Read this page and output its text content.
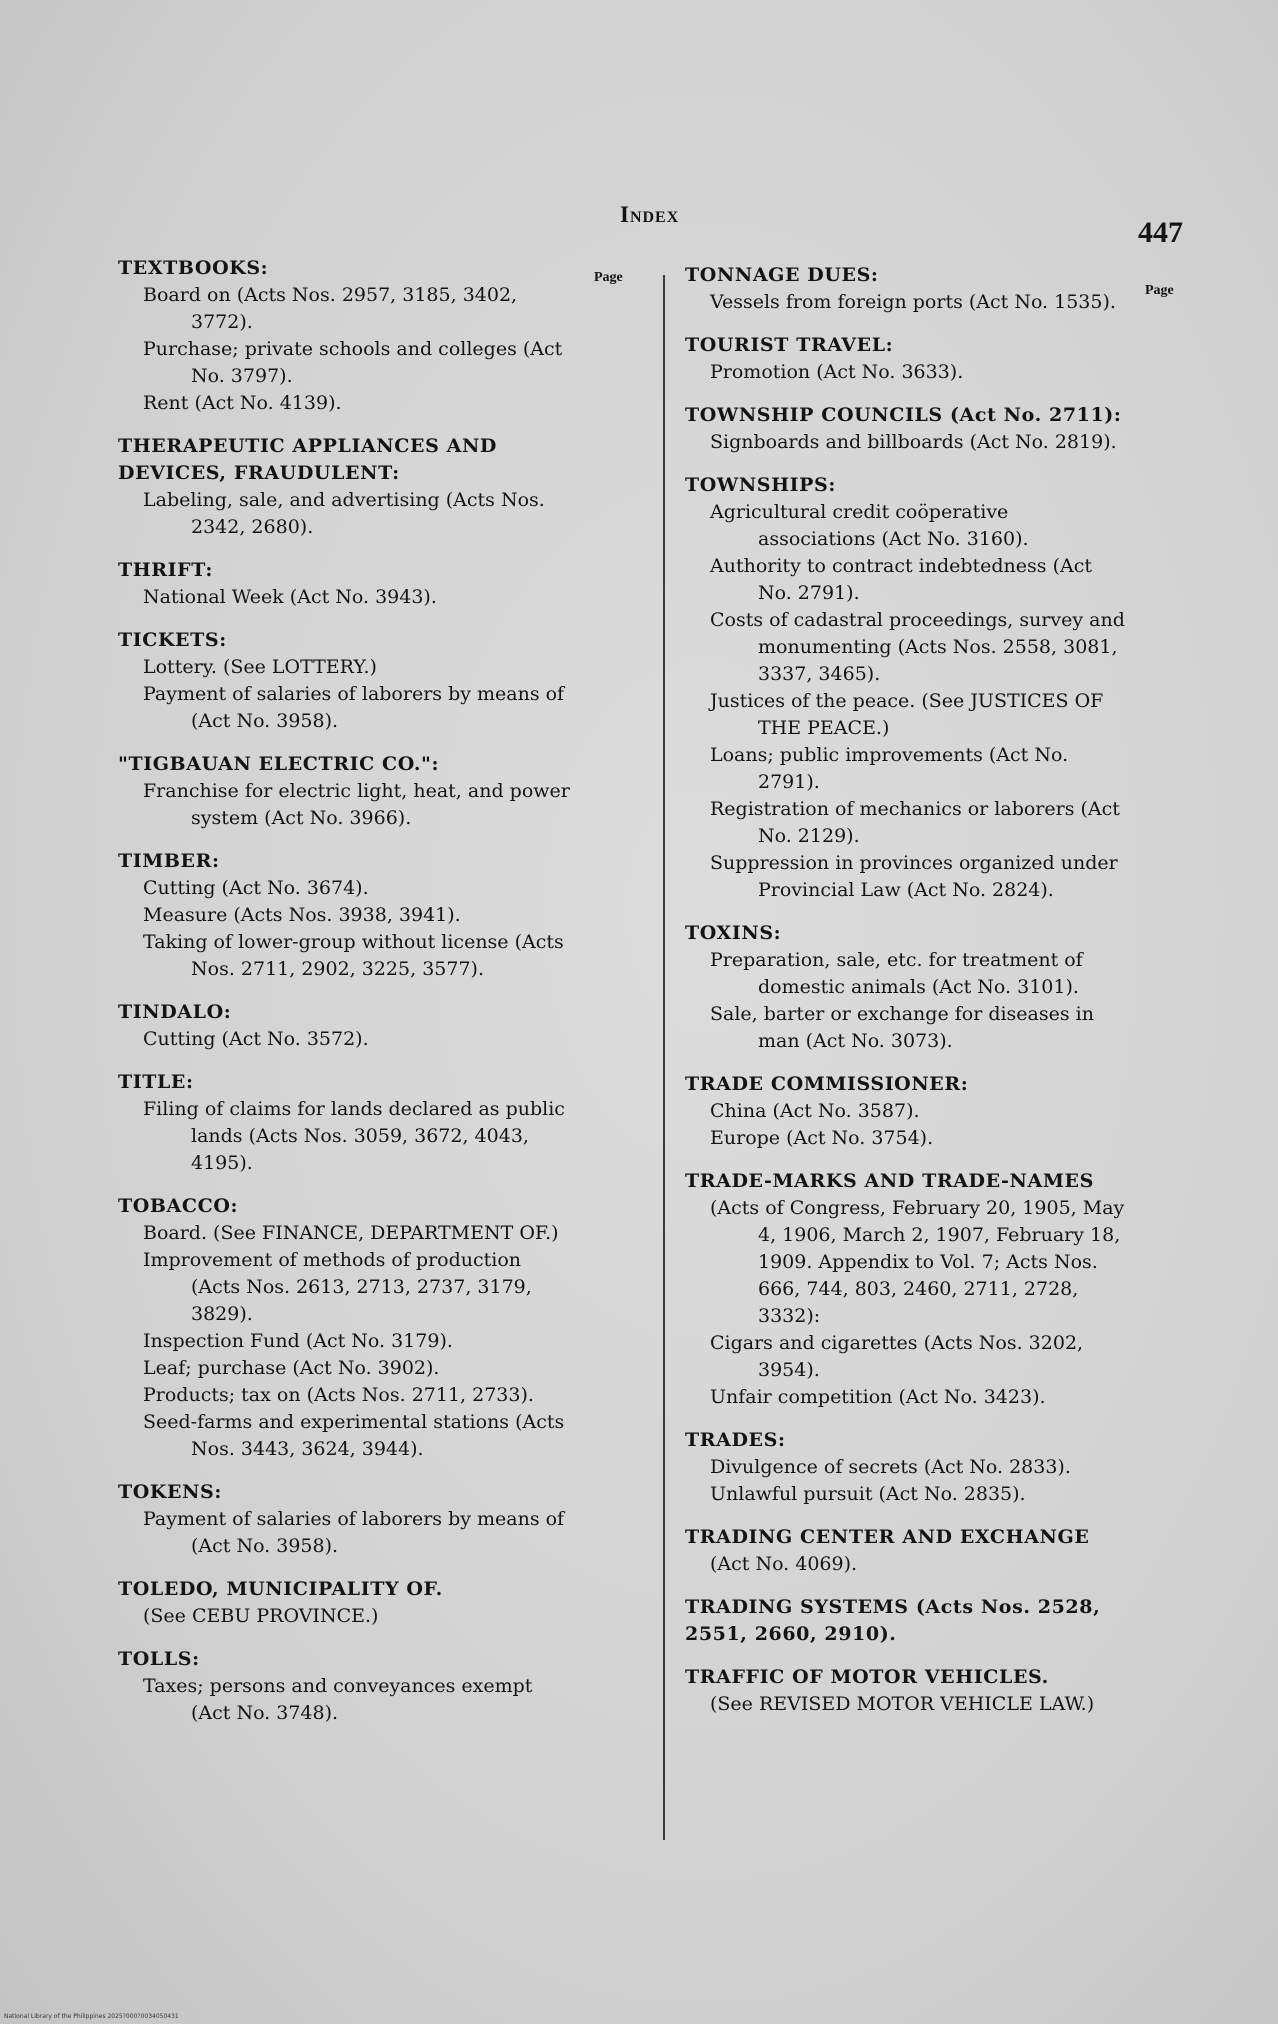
Index
447
Page
Page
TEXTBOOKS:
Board on (Acts Nos. 2957, 3185, 3402, 3772).
Purchase; private schools and colleges (Act No. 3797).
Rent (Act No. 4139).
THERAPEUTIC APPLIANCES AND DEVICES, FRAUDULENT:
Labeling, sale, and advertising (Acts Nos. 2342, 2680).
THRIFT:
National Week (Act No. 3943).
TICKETS:
Lottery. (See LOTTERY.)
Payment of salaries of laborers by means of (Act No. 3958).
"TIGBAUAN ELECTRIC CO.":
Franchise for electric light, heat, and power system (Act No. 3966).
TIMBER:
Cutting (Act No. 3674).
Measure (Acts Nos. 3938, 3941).
Taking of lower-group without license (Acts Nos. 2711, 2902, 3225, 3577).
TINDALO:
Cutting (Act No. 3572).
TITLE:
Filing of claims for lands declared as public lands (Acts Nos. 3059, 3672, 4043, 4195).
TOBACCO:
Board. (See FINANCE, DEPARTMENT OF.)
Improvement of methods of production (Acts Nos. 2613, 2713, 2737, 3179, 3829).
Inspection Fund (Act No. 3179).
Leaf; purchase (Act No. 3902).
Products; tax on (Acts Nos. 2711, 2733).
Seed-farms and experimental stations (Acts Nos. 3443, 3624, 3944).
TOKENS:
Payment of salaries of laborers by means of (Act No. 3958).
TOLEDO, MUNICIPALITY OF.
(See CEBU PROVINCE.)
TOLLS:
Taxes; persons and conveyances exempt (Act No. 3748).
TONNAGE DUES:
Vessels from foreign ports (Act No. 1535).
TOURIST TRAVEL:
Promotion (Act No. 3633).
TOWNSHIP COUNCILS (Act No. 2711):
Signboards and billboards (Act No. 2819).
TOWNSHIPS:
Agricultural credit coöperative associations (Act No. 3160).
Authority to contract indebtedness (Act No. 2791).
Costs of cadastral proceedings, survey and monumenting (Acts Nos. 2558, 3081, 3337, 3465).
Justices of the peace. (See JUSTICES OF THE PEACE.)
Loans; public improvements (Act No. 2791).
Registration of mechanics or laborers (Act No. 2129).
Suppression in provinces organized under Provincial Law (Act No. 2824).
TOXINS:
Preparation, sale, etc. for treatment of domestic animals (Act No. 3101).
Sale, barter or exchange for diseases in man (Act No. 3073).
TRADE COMMISSIONER:
China (Act No. 3587).
Europe (Act No. 3754).
TRADE-MARKS AND TRADE-NAMES
(Acts of Congress, February 20, 1905, May 4, 1906, March 2, 1907, February 18, 1909. Appendix to Vol. 7; Acts Nos. 666, 744, 803, 2460, 2711, 2728, 3332):
Cigars and cigarettes (Acts Nos. 3202, 3954).
Unfair competition (Act No. 3423).
TRADES:
Divulgence of secrets (Act No. 2833).
Unlawful pursuit (Act No. 2835).
TRADING CENTER AND EXCHANGE
(Act No. 4069).
TRADING SYSTEMS (Acts Nos. 2528, 2551, 2660, 2910).
TRAFFIC OF MOTOR VEHICLES.
(See REVISED MOTOR VEHICLE LAW.)
National Library of the Philippines 2025?000?0034050431
